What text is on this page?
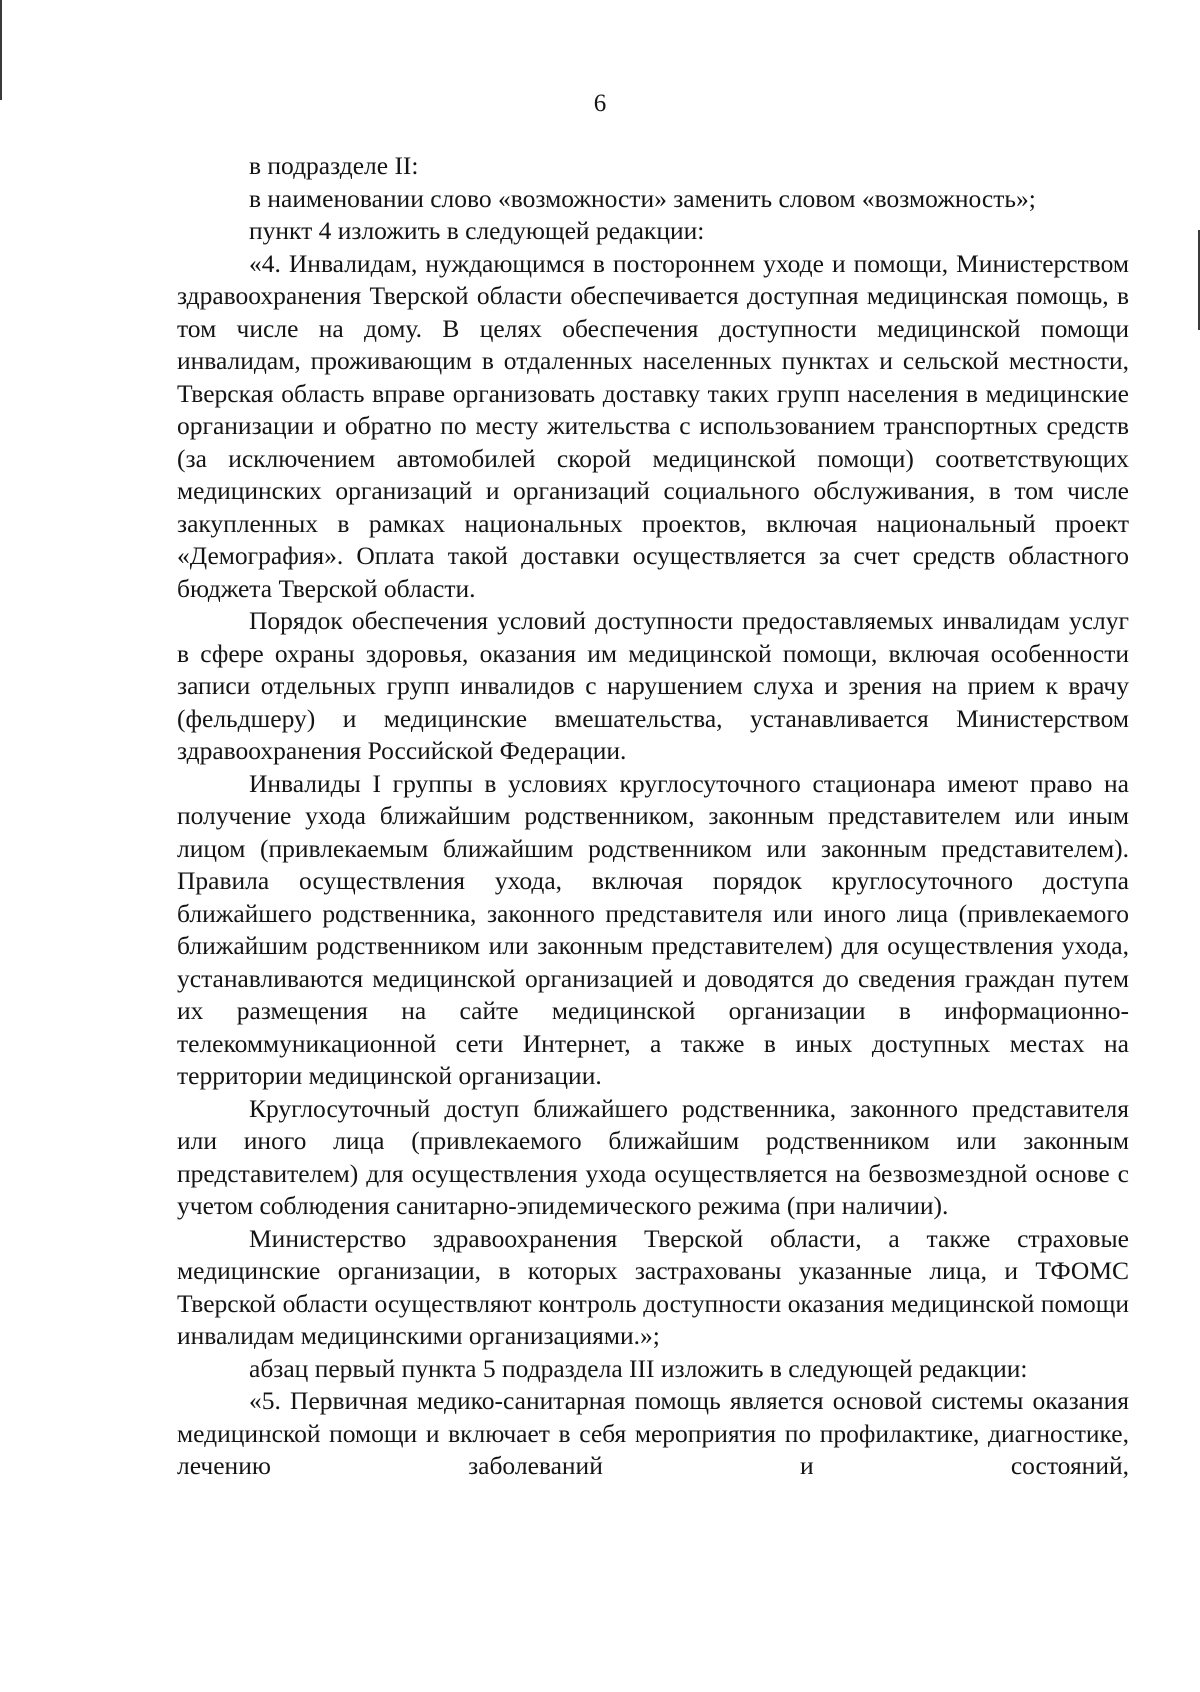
6

в подразделе II:

в наименовании слово «возможности» заменить словом «возможность»;

пункт 4 изложить в следующей редакции:

«4. Инвалидам, нуждающимся в постороннем уходе и помощи, Министерством здравоохранения Тверской области обеспечивается доступная медицинская помощь, в том числе на дому. В целях обеспечения доступности медицинской помощи инвалидам, проживающим в отдаленных населенных пунктах и сельской местности, Тверская область вправе организовать доставку таких групп населения в медицинские организации и обратно по месту жительства с использованием транспортных средств (за исключением автомобилей скорой медицинской помощи) соответствующих медицинских организаций и организаций социального обслуживания, в том числе закупленных в рамках национальных проектов, включая национальный проект «Демография». Оплата такой доставки осуществляется за счет средств областного бюджета Тверской области.

Порядок обеспечения условий доступности предоставляемых инвалидам услуг в сфере охраны здоровья, оказания им медицинской помощи, включая особенности записи отдельных групп инвалидов с нарушением слуха и зрения на прием к врачу (фельдшеру) и медицинские вмешательства, устанавливается Министерством здравоохранения Российской Федерации.

Инвалиды I группы в условиях круглосуточного стационара имеют право на получение ухода ближайшим родственником, законным представителем или иным лицом (привлекаемым ближайшим родственником или законным представителем). Правила осуществления ухода, включая порядок круглосуточного доступа ближайшего родственника, законного представителя или иного лица (привлекаемого ближайшим родственником или законным представителем) для осуществления ухода, устанавливаются медицинской организацией и доводятся до сведения граждан путем их размещения на сайте медицинской организации в информационно-телекоммуникационной сети Интернет, а также в иных доступных местах на территории медицинской организации.

Круглосуточный доступ ближайшего родственника, законного представителя или иного лица (привлекаемого ближайшим родственником или законным представителем) для осуществления ухода осуществляется на безвозмездной основе с учетом соблюдения санитарно-эпидемического режима (при наличии).

Министерство здравоохранения Тверской области, а также страховые медицинские организации, в которых застрахованы указанные лица, и ТФОМС Тверской области осуществляют контроль доступности оказания медицинской помощи инвалидам медицинскими организациями.»;

абзац первый пункта 5 подраздела III изложить в следующей редакции:

«5. Первичная медико-санитарная помощь является основой системы оказания медицинской помощи и включает в себя мероприятия по профилактике, диагностике, лечению заболеваний и состояний,
